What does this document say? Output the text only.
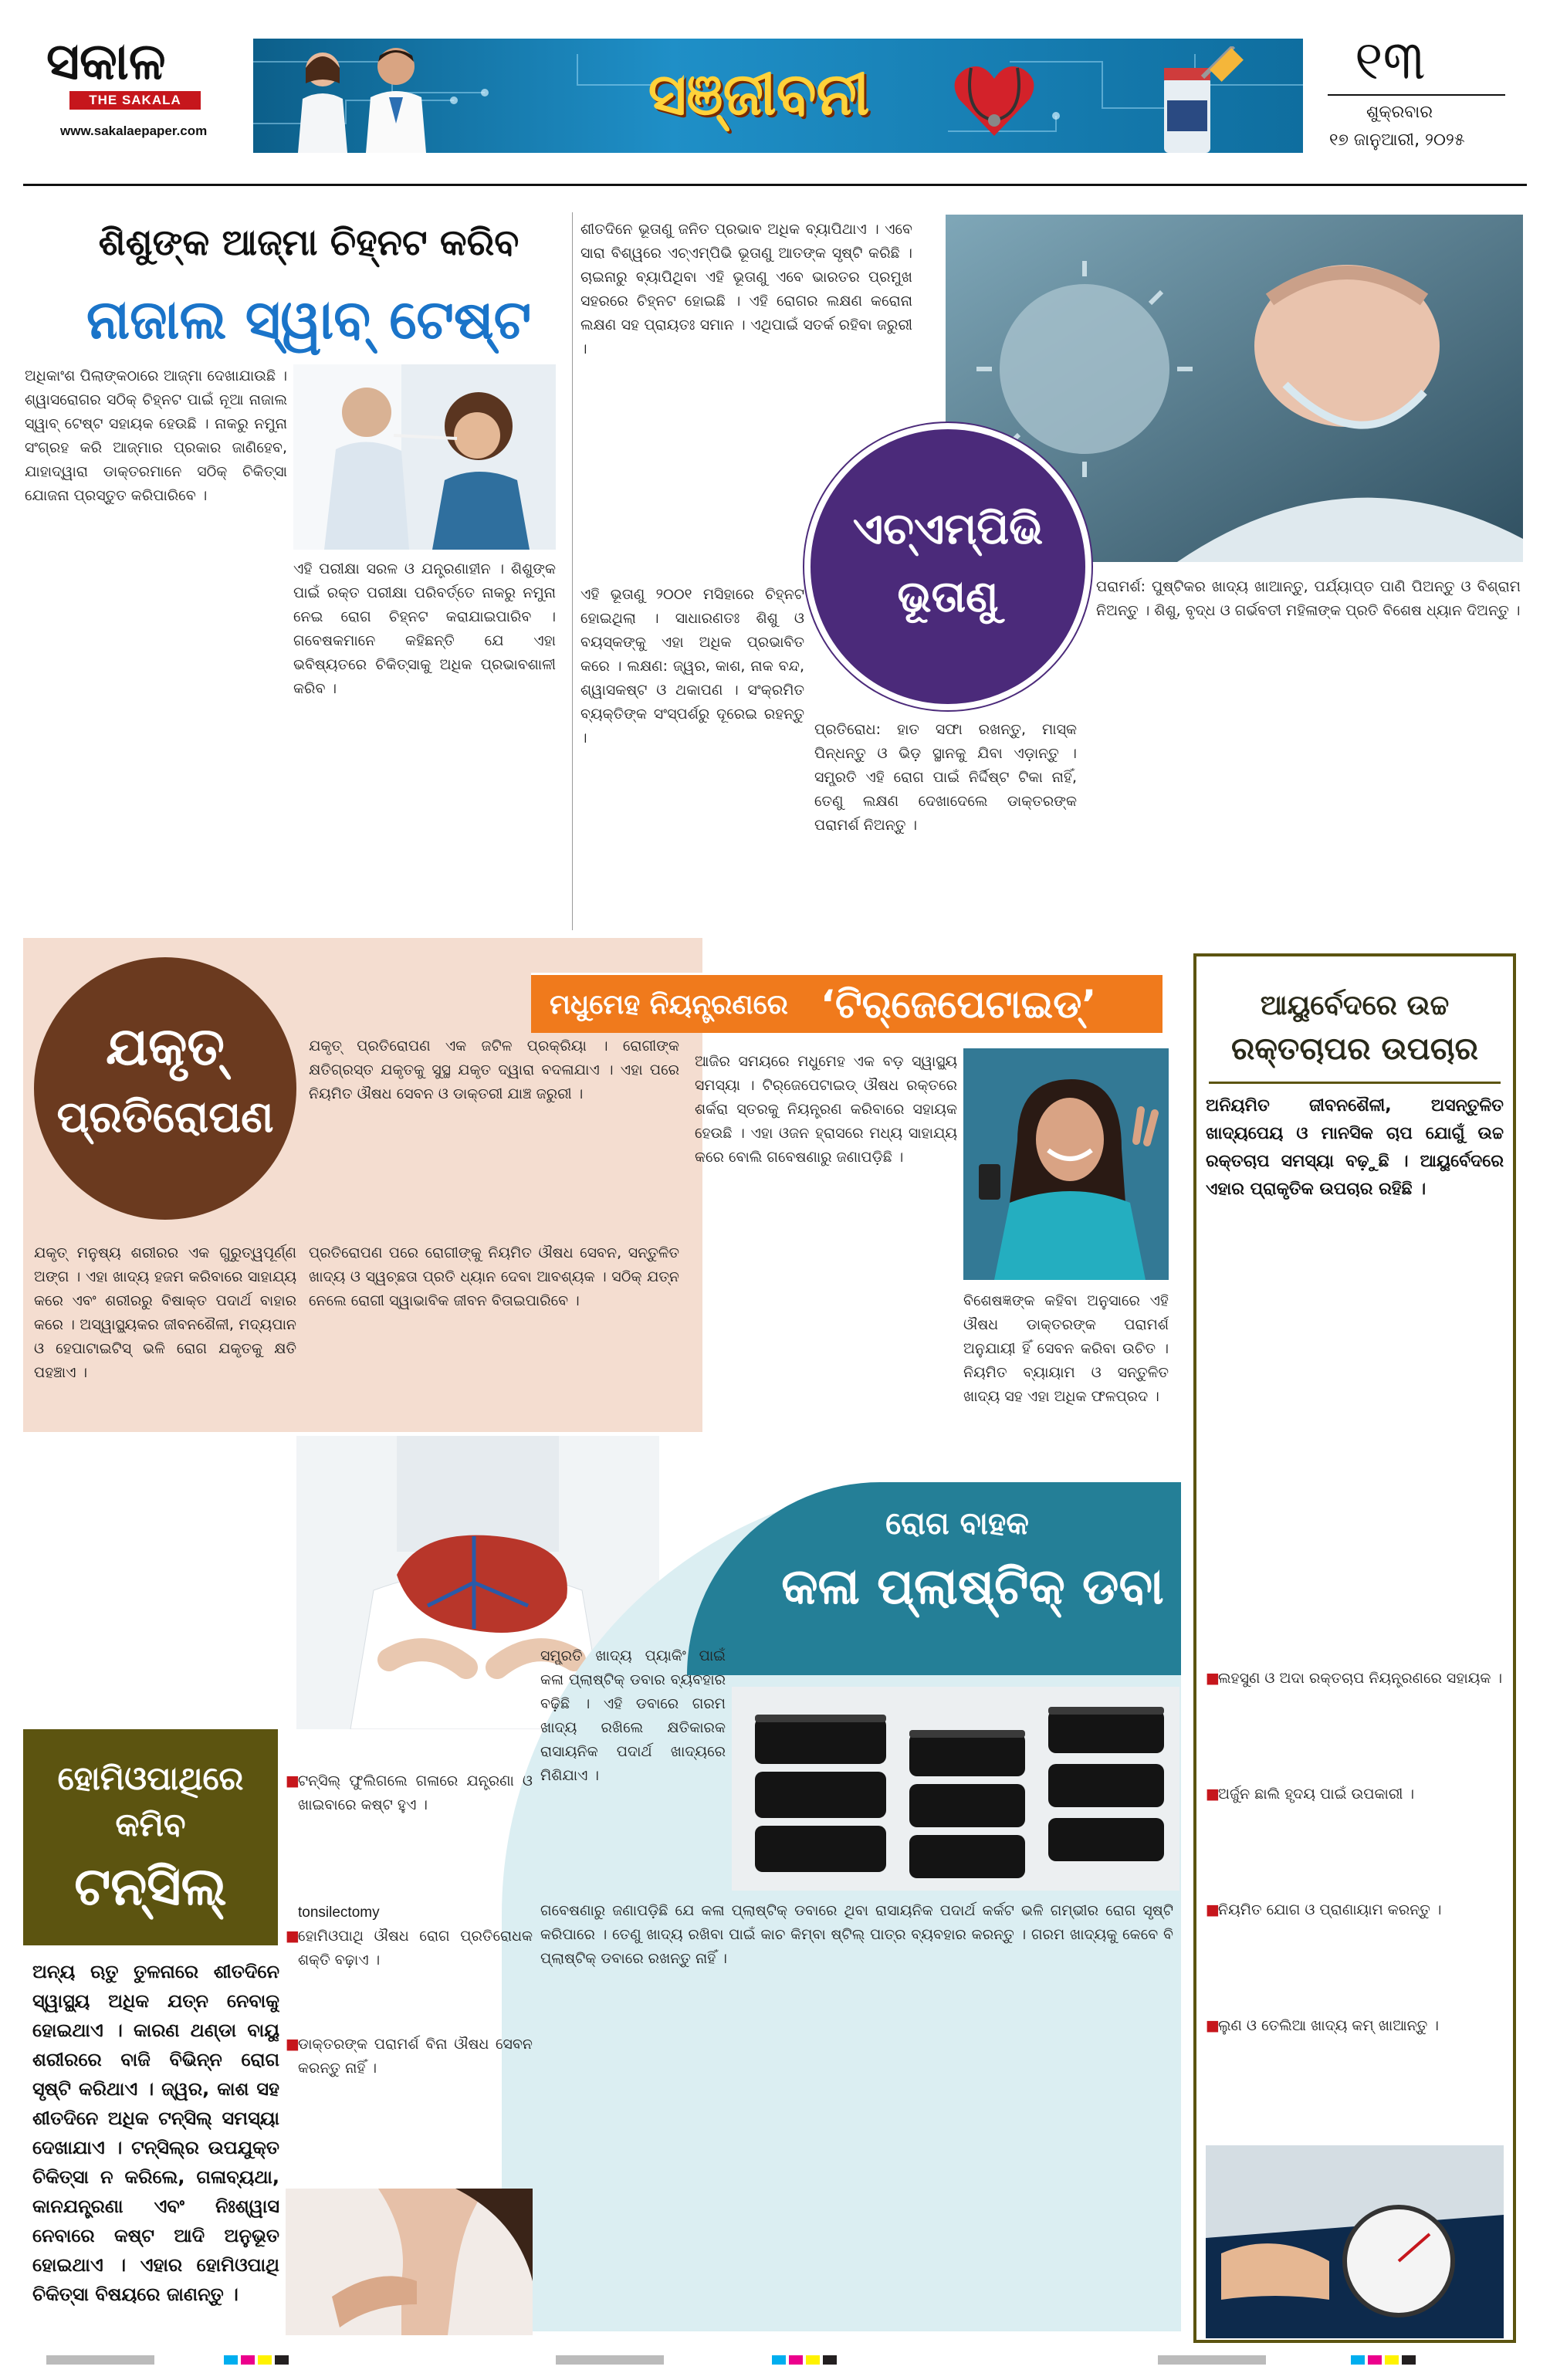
ସକାଳ
THE SAKALA
www.sakalaepaper.com
ସଞ୍ଜୀବନୀ	୧୩
ଶୁକ୍ରବାର
୧୭ ଜାନୁଆରୀ, ୨୦୨୫
ଶିଶୁଙ୍କ ଆଜ୍‌ମା ଚିହ୍ନଟ କରିବ
ନାଜାଲ ସ୍ୱାବ୍ ଟେଷ୍ଟ
ଅଧିକାଂଶ ପିଲାଙ୍କଠାରେ ଆଜ୍‌ମା ଦେଖାଯାଉଛି । ଶ୍ୱାସରୋଗର ସଠିକ୍ ଚିହ୍ନଟ ପାଇଁ ନୂଆ ନାଜାଲ ସ୍ୱାବ୍ ଟେଷ୍ଟ ସହାୟକ ହେଉଛି । ନାକରୁ ନମୁନା ସଂଗ୍ରହ କରି ଆଜ୍‌ମାର ପ୍ରକାର ଜାଣିହେବ, ଯାହାଦ୍ୱାରା ଡାକ୍ତରମାନେ ସଠିକ୍ ଚିକିତ୍ସା ଯୋଜନା ପ୍ରସ୍ତୁତ କରିପାରିବେ ।
ଏହି ପରୀକ୍ଷା ସରଳ ଓ ଯନ୍ତ୍ରଣାହୀନ । ଶିଶୁଙ୍କ ପାଇଁ ରକ୍ତ ପରୀକ୍ଷା ପରିବର୍ତ୍ତେ ନାକରୁ ନମୁନା ନେଇ ରୋଗ ଚିହ୍ନଟ କରାଯାଇପାରିବ । ଗବେଷକମାନେ କହିଛନ୍ତି ଯେ ଏହା ଭବିଷ୍ୟତରେ ଚିକିତ୍ସାକୁ ଅଧିକ ପ୍ରଭାବଶାଳୀ କରିବ ।
ଶୀତଦିନେ ଭୂତାଣୁ ଜନିତ ପ୍ରଭାବ ଅଧିକ ବ୍ୟାପିଥାଏ । ଏବେ ସାରା ବିଶ୍ୱରେ ଏଚ୍‌ଏମ୍‌ପିଭି ଭୂତାଣୁ ଆତଙ୍କ ସୃଷ୍ଟି କରିଛି । ଚାଇନାରୁ ବ୍ୟାପିଥିବା ଏହି ଭୂତାଣୁ ଏବେ ଭାରତର ପ୍ରମୁଖ ସହରରେ ଚିହ୍ନଟ ହୋଇଛି । ଏହି ରୋଗର ଲକ୍ଷଣ କରୋନା ଲକ୍ଷଣ ସହ ପ୍ରାୟତଃ ସମାନ । ଏଥିପାଇଁ ସତର୍କ ରହିବା ଜରୁରୀ ।
ଏଚ୍‌ଏମ୍‌ପିଭି ଭୂତାଣୁ
ଏହି ଭୂତାଣୁ ୨୦୦୧ ମସିହାରେ ଚିହ୍ନଟ ହୋଇଥିଲା । ସାଧାରଣତଃ ଶିଶୁ ଓ ବୟସ୍କଙ୍କୁ ଏହା ଅଧିକ ପ୍ରଭାବିତ କରେ । ଲକ୍ଷଣ: ଜ୍ୱର, କାଶ, ନାକ ବନ୍ଦ, ଶ୍ୱାସକଷ୍ଟ ଓ ଥକାପଣ । ସଂକ୍ରମିତ ବ୍ୟକ୍ତିଙ୍କ ସଂସ୍ପର୍ଶରୁ ଦୂରେଇ ରହନ୍ତୁ ।	ପ୍ରତିରୋଧ: ହାତ ସଫା ରଖନ୍ତୁ, ମାସ୍କ ପିନ୍ଧନ୍ତୁ ଓ ଭିଡ଼ ସ୍ଥାନକୁ ଯିବା ଏଡ଼ାନ୍ତୁ । ସମ୍ପ୍ରତି ଏହି ରୋଗ ପାଇଁ ନିର୍ଦ୍ଦିଷ୍ଟ ଟିକା ନାହିଁ, ତେଣୁ ଲକ୍ଷଣ ଦେଖାଦେଲେ ଡାକ୍ତରଙ୍କ ପରାମର୍ଶ ନିଅନ୍ତୁ ।
ପରାମର୍ଶ: ପୁଷ୍ଟିକର ଖାଦ୍ୟ ଖାଆନ୍ତୁ, ପର୍ଯ୍ୟାପ୍ତ ପାଣି ପିଅନ୍ତୁ ଓ ବିଶ୍ରାମ ନିଅନ୍ତୁ । ଶିଶୁ, ବୃଦ୍ଧ ଓ ଗର୍ଭବତୀ ମହିଳାଙ୍କ ପ୍ରତି ବିଶେଷ ଧ୍ୟାନ ଦିଅନ୍ତୁ ।
ଯକୃତ୍
ପ୍ରତିରୋପଣ
ଯକୃତ୍ ପ୍ରତିରୋପଣ ଏକ ଜଟିଳ ପ୍ରକ୍ରିୟା । ରୋଗୀଙ୍କ କ୍ଷତିଗ୍ରସ୍ତ ଯକୃତକୁ ସୁସ୍ଥ ଯକୃତ ଦ୍ୱାରା ବଦଳାଯାଏ । ଏହା ପରେ ନିୟମିତ ଔଷଧ ସେବନ ଓ ଡାକ୍ତରୀ ଯାଞ୍ଚ ଜରୁରୀ ।
ଯକୃତ୍ ମନୁଷ୍ୟ ଶରୀରର ଏକ ଗୁରୁତ୍ୱପୂର୍ଣ୍ଣ ଅଙ୍ଗ । ଏହା ଖାଦ୍ୟ ହଜମ କରିବାରେ ସାହାଯ୍ୟ କରେ ଏବଂ ଶରୀରରୁ ବିଷାକ୍ତ ପଦାର୍ଥ ବାହାର କରେ । ଅସ୍ୱାସ୍ଥ୍ୟକର ଜୀବନଶୈଳୀ, ମଦ୍ୟପାନ ଓ ହେପାଟାଇଟିସ୍ ଭଳି ରୋଗ ଯକୃତକୁ କ୍ଷତି ପହଞ୍ଚାଏ ।
ପ୍ରତିରୋପଣ ପରେ ରୋଗୀଙ୍କୁ ନିୟମିତ ଔଷଧ ସେବନ, ସନ୍ତୁଳିତ ଖାଦ୍ୟ ଓ ସ୍ୱଚ୍ଛତା ପ୍ରତି ଧ୍ୟାନ ଦେବା ଆବଶ୍ୟକ । ସଠିକ୍ ଯତ୍ନ ନେଲେ ରୋଗୀ ସ୍ୱାଭାବିକ ଜୀବନ ବିତାଇପାରିବେ ।
ମଧୁମେହ ନିୟନ୍ତ୍ରଣରେ ‘ଟିର୍‌ଜେପେଟାଇଡ୍’
ଆଜିର ସମୟରେ ମଧୁମେହ ଏକ ବଡ଼ ସ୍ୱାସ୍ଥ୍ୟ ସମସ୍ୟା । ଟିର୍‌ଜେପେଟାଇଡ୍ ଔଷଧ ରକ୍ତରେ ଶର୍କରା ସ୍ତରକୁ ନିୟନ୍ତ୍ରଣ କରିବାରେ ସହାୟକ ହେଉଛି । ଏହା ଓଜନ ହ୍ରାସରେ ମଧ୍ୟ ସାହାଯ୍ୟ କରେ ବୋଲି ଗବେଷଣାରୁ ଜଣାପଡ଼ିଛି ।
ବିଶେଷଜ୍ଞଙ୍କ କହିବା ଅନୁସାରେ ଏହି ଔଷଧ ଡାକ୍ତରଙ୍କ ପରାମର୍ଶ ଅନୁଯାୟୀ ହିଁ ସେବନ କରିବା ଉଚିତ । ନିୟମିତ ବ୍ୟାୟାମ ଓ ସନ୍ତୁଳିତ ଖାଦ୍ୟ ସହ ଏହା ଅଧିକ ଫଳପ୍ରଦ ।
ଆୟୁର୍ବେଦରେ ଉଚ୍ଚ
ରକ୍ତଚାପର ଉପଚାର
ଅନିୟମିତ ଜୀବନଶୈଳୀ, ଅସନ୍ତୁଳିତ ଖାଦ୍ୟପେୟ ଓ ମାନସିକ ଚାପ ଯୋଗୁଁ ଉଚ୍ଚ ରକ୍ତଚାପ ସମସ୍ୟା ବଢ଼ୁଛି । ଆୟୁର୍ବେଦରେ ଏହାର ପ୍ରାକୃତିକ ଉପଚାର ରହିଛି ।
■
ଲହସୁଣ ଓ ଅଦା ରକ୍ତଚାପ ନିୟନ୍ତ୍ରଣରେ ସହାୟକ ।
■
ଅର୍ଜୁନ ଛାଲି ହୃଦୟ ପାଇଁ ଉପକାରୀ ।
■
ନିୟମିତ ଯୋଗ ଓ ପ୍ରାଣାୟାମ କରନ୍ତୁ ।
■
ଲୁଣ ଓ ତେଲିଆ ଖାଦ୍ୟ କମ୍ ଖାଆନ୍ତୁ ।
ରୋଗ ବାହକ
କଳା ପ୍ଲାଷ୍ଟିକ୍ ଡବା
ସମ୍ପ୍ରତି ଖାଦ୍ୟ ପ୍ୟାକିଂ ପାଇଁ କଳା ପ୍ଲାଷ୍ଟିକ୍ ଡବାର ବ୍ୟବହାର ବଢ଼ିଛି । ଏହି ଡବାରେ ଗରମ ଖାଦ୍ୟ ରଖିଲେ କ୍ଷତିକାରକ ରାସାୟନିକ ପଦାର୍ଥ ଖାଦ୍ୟରେ ମିଶିଯାଏ ।
ଗବେଷଣାରୁ ଜଣାପଡ଼ିଛି ଯେ କଳା ପ୍ଲାଷ୍ଟିକ୍ ଡବାରେ ଥିବା ରାସାୟନିକ ପଦାର୍ଥ କର୍କଟ ଭଳି ଗମ୍ଭୀର ରୋଗ ସୃଷ୍ଟି କରିପାରେ । ତେଣୁ ଖାଦ୍ୟ ରଖିବା ପାଇଁ କାଚ କିମ୍ବା ଷ୍ଟିଲ୍ ପାତ୍ର ବ୍ୟବହାର କରନ୍ତୁ । ଗରମ ଖାଦ୍ୟକୁ କେବେ ବି ପ୍ଲାଷ୍ଟିକ୍ ଡବାରେ ରଖନ୍ତୁ ନାହିଁ ।
ହୋମିଓପାଥିରେ
କମିବ
ଟନ୍‌ସିଲ୍
ଅନ୍ୟ ଋତୁ ତୁଳନାରେ ଶୀତଦିନେ ସ୍ୱାସ୍ଥ୍ୟ ଅଧିକ ଯତ୍ନ ନେବାକୁ ହୋଇଥାଏ । କାରଣ ଥଣ୍ଡା ବାୟୁ ଶରୀରରେ ବାଜି ବିଭିନ୍ନ ରୋଗ ସୃଷ୍ଟି କରିଥାଏ । ଜ୍ୱର, କାଶ ସହ ଶୀତଦିନେ ଅଧିକ ଟନ୍‌ସିଲ୍ ସମସ୍ୟା ଦେଖାଯାଏ । ଟନ୍‌ସିଲ୍‌ର ଉପଯୁକ୍ତ ଚିକିତ୍ସା ନ କରିଲେ, ଗଳାବ୍ୟଥା, କାନଯନ୍ତ୍ରଣା ଏବଂ ନିଃଶ୍ୱାସ ନେବାରେ କଷ୍ଟ ଆଦି ଅନୁଭୂତ ହୋଇଥାଏ । ଏହାର ହୋମିଓପାଥି ଚିକିତ୍ସା ବିଷୟରେ ଜାଣନ୍ତୁ ।
■
ଟନ୍‌ସିଲ୍ ଫୁଲିଗଲେ ଗଳାରେ ଯନ୍ତ୍ରଣା ଓ ଖାଇବାରେ କଷ୍ଟ ହୁଏ ।
tonsilectomy
■
ହୋମିଓପାଥି ଔଷଧ ରୋଗ ପ୍ରତିରୋଧକ ଶକ୍ତି ବଢ଼ାଏ ।
■
ଡାକ୍ତରଙ୍କ ପରାମର୍ଶ ବିନା ଔଷଧ ସେବନ କରନ୍ତୁ ନାହିଁ ।
